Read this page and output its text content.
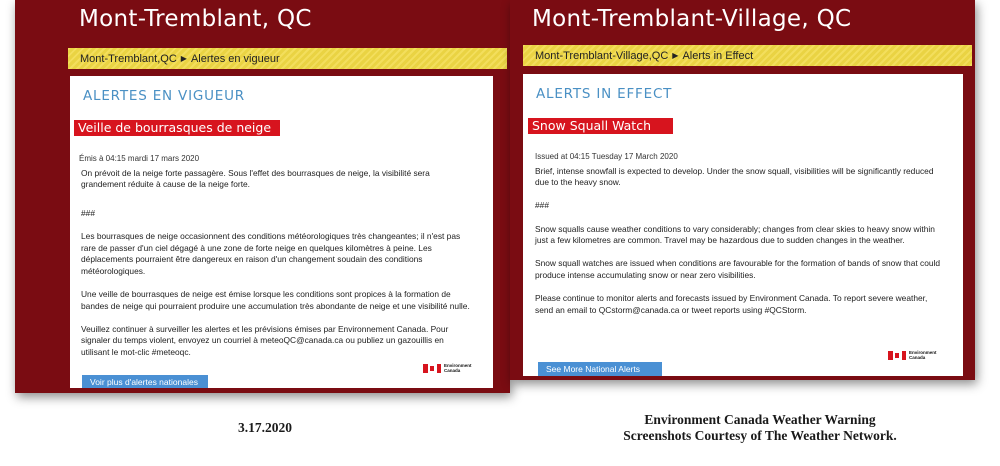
Mont-Tremblant, QC
Mont-Tremblant,QC ▶ Alertes en vigueur
ALERTES EN VIGUEUR
Veille de bourrasques de neige
Émis à 04:15 mardi 17 mars 2020

On prévoit de la neige forte passagère. Sous l'effet des bourrasques de neige, la visibilité sera grandement réduite à cause de la neige forte.

###

Les bourrasques de neige occasionnent des conditions météorologiques très changeantes; il n'est pas rare de passer d'un ciel dégagé à une zone de forte neige en quelques kilomètres à peine. Les déplacements pourraient être dangereux en raison d'un changement soudain des conditions météorologiques.

Une veille de bourrasques de neige est émise lorsque les conditions sont propices à la formation de bandes de neige qui pourraient produire une accumulation très abondante de neige et une visibilité nulle.

Veuillez continuer à surveiller les alertes et les prévisions émises par Environnement Canada. Pour signaler du temps violent, envoyez un courriel à meteoQC@canada.ca ou publiez un gazouillis en utilisant le mot-clic #meteoqc.

Environment
Canada
Voir plus d'alertes nationales
Mont-Tremblant-Village, QC
Mont-Tremblant-Village,QC ▶ Alerts in Effect
ALERTS IN EFFECT
Snow Squall Watch
Issued at 04:15 Tuesday 17 March 2020

Brief, intense snowfall is expected to develop. Under the snow squall, visibilities will be significantly reduced due to the heavy snow.

###

Snow squalls cause weather conditions to vary considerably; changes from clear skies to heavy snow within just a few kilometres are common. Travel may be hazardous due to sudden changes in the weather.

Snow squall watches are issued when conditions are favourable for the formation of bands of snow that could produce intense accumulating snow or near zero visibilities.

Please continue to monitor alerts and forecasts issued by Environment Canada. To report severe weather, send an email to QCstorm@canada.ca or tweet reports using #QCStorm.

Environment
Canada
See More National Alerts
3.17.2020
Environment Canada Weather Warning
Screenshots Courtesy of The Weather Network.
